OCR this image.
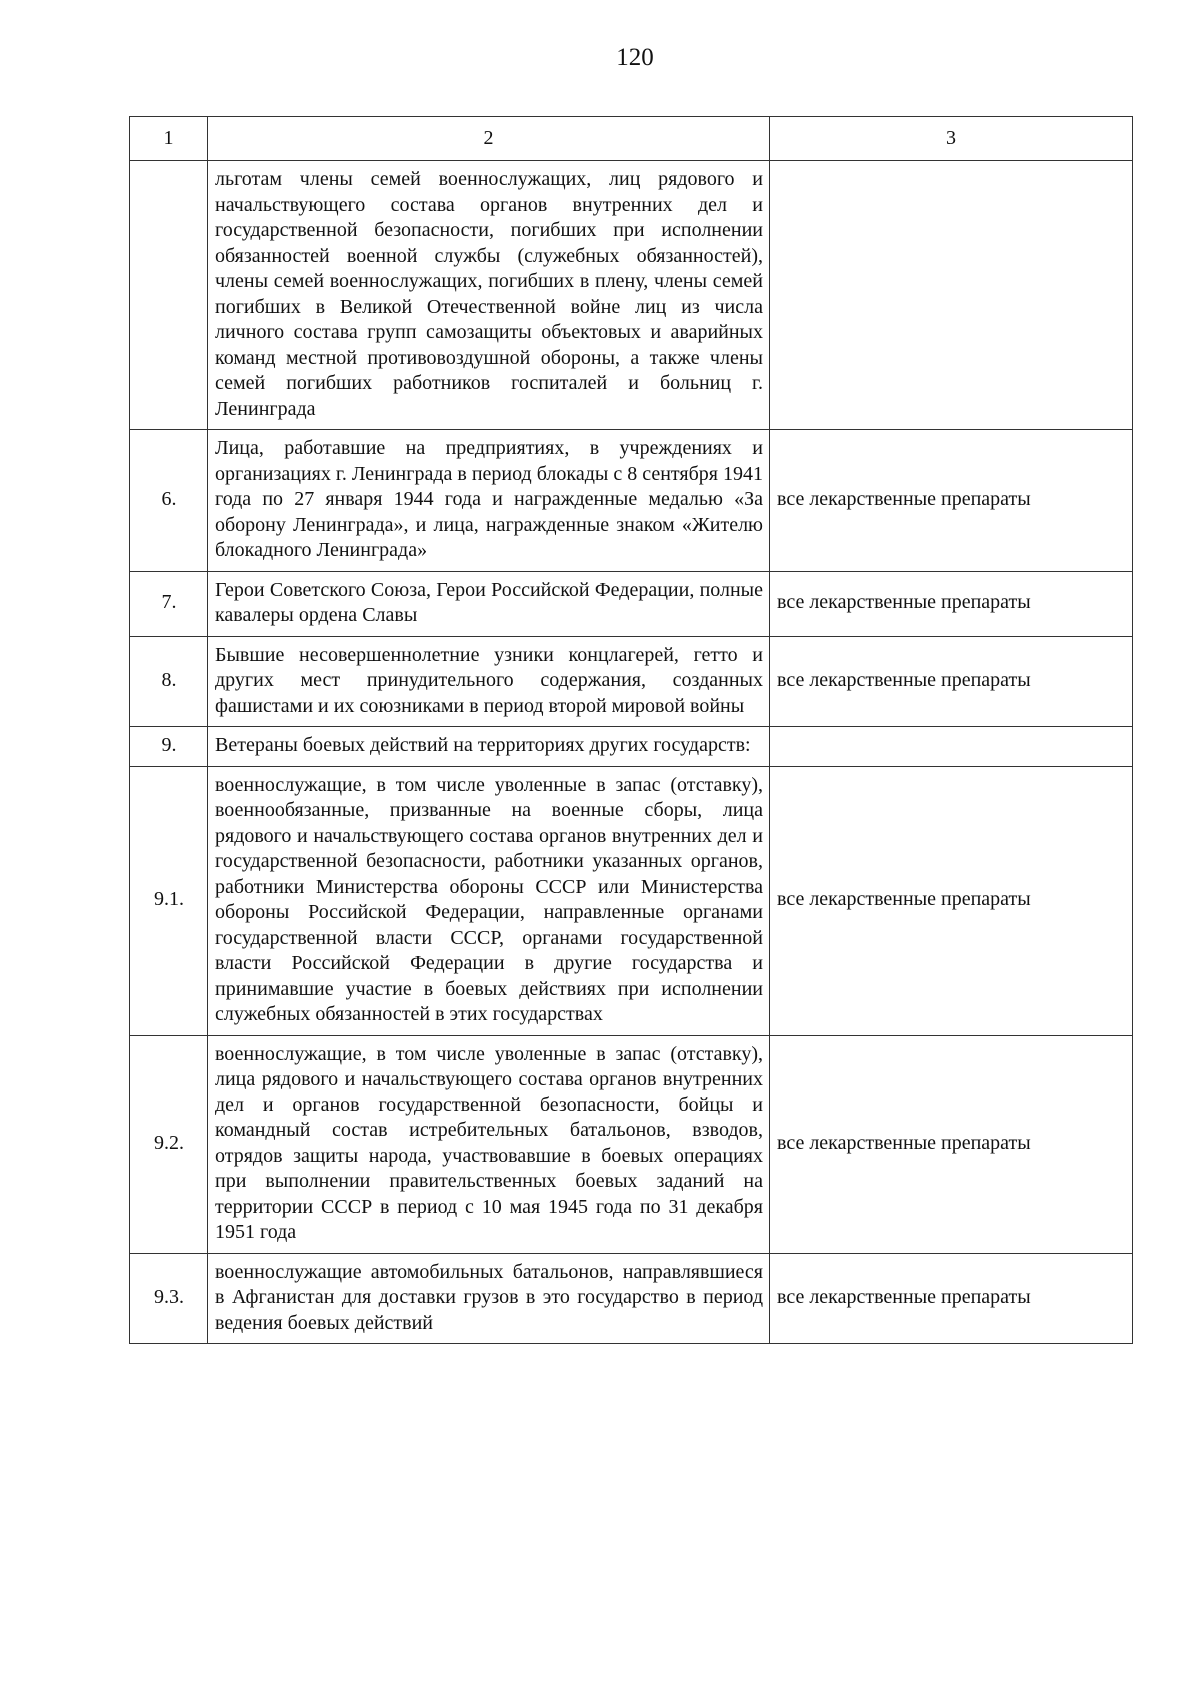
120
1	2	3
	льготам члены семей военнослужащих, лиц рядового и начальствующего состава органов внутренних дел и государственной безопасности, погибших при исполнении обязанностей военной службы (служебных обязанностей), члены семей военнослужащих, погибших в плену, члены семей погибших в Великой Отечественной войне лиц из числа личного состава групп самозащиты объектовых и аварийных команд местной противовоздушной обороны, а также члены семей погибших работников госпиталей и больниц г. Ленинграда	
6.	Лица, работавшие на предприятиях, в учреждениях и организациях г. Ленинграда в период блокады с 8 сентября 1941 года по 27 января 1944 года и награжденные медалью «За оборону Ленинграда», и лица, награжденные знаком «Жителю блокадного Ленинграда»	все лекарственные препараты
7.	Герои Советского Союза, Герои Российской Федерации, полные кавалеры ордена Славы	все лекарственные препараты
8.	Бывшие несовершеннолетние узники концлагерей, гетто и других мест принудительного содержания, созданных фашистами и их союзниками в период второй мировой войны	все лекарственные препараты
9.	Ветераны боевых действий на территориях других государств:	
9.1.	военнослужащие, в том числе уволенные в запас (отставку), военнообязанные, призванные на военные сборы, лица рядового и начальствующего состава органов внутренних дел и государственной безопасности, работники указанных органов, работники Министерства обороны СССР или Министерства обороны Российской Федерации, направленные органами государственной власти СССР, органами государственной власти Российской Федерации в другие государства и принимавшие участие в боевых действиях при исполнении служебных обязанностей в этих государствах	все лекарственные препараты
9.2.	военнослужащие, в том числе уволенные в запас (отставку), лица рядового и начальствующего состава органов внутренних дел и органов государственной безопасности, бойцы и командный состав истребительных батальонов, взводов, отрядов защиты народа, участвовавшие в боевых операциях при выполнении правительственных боевых заданий на территории СССР в период с 10 мая 1945 года по 31 декабря 1951 года	все лекарственные препараты
9.3.	военнослужащие автомобильных батальонов, направлявшиеся в Афганистан для доставки грузов в это государство в период ведения боевых действий	все лекарственные препараты
